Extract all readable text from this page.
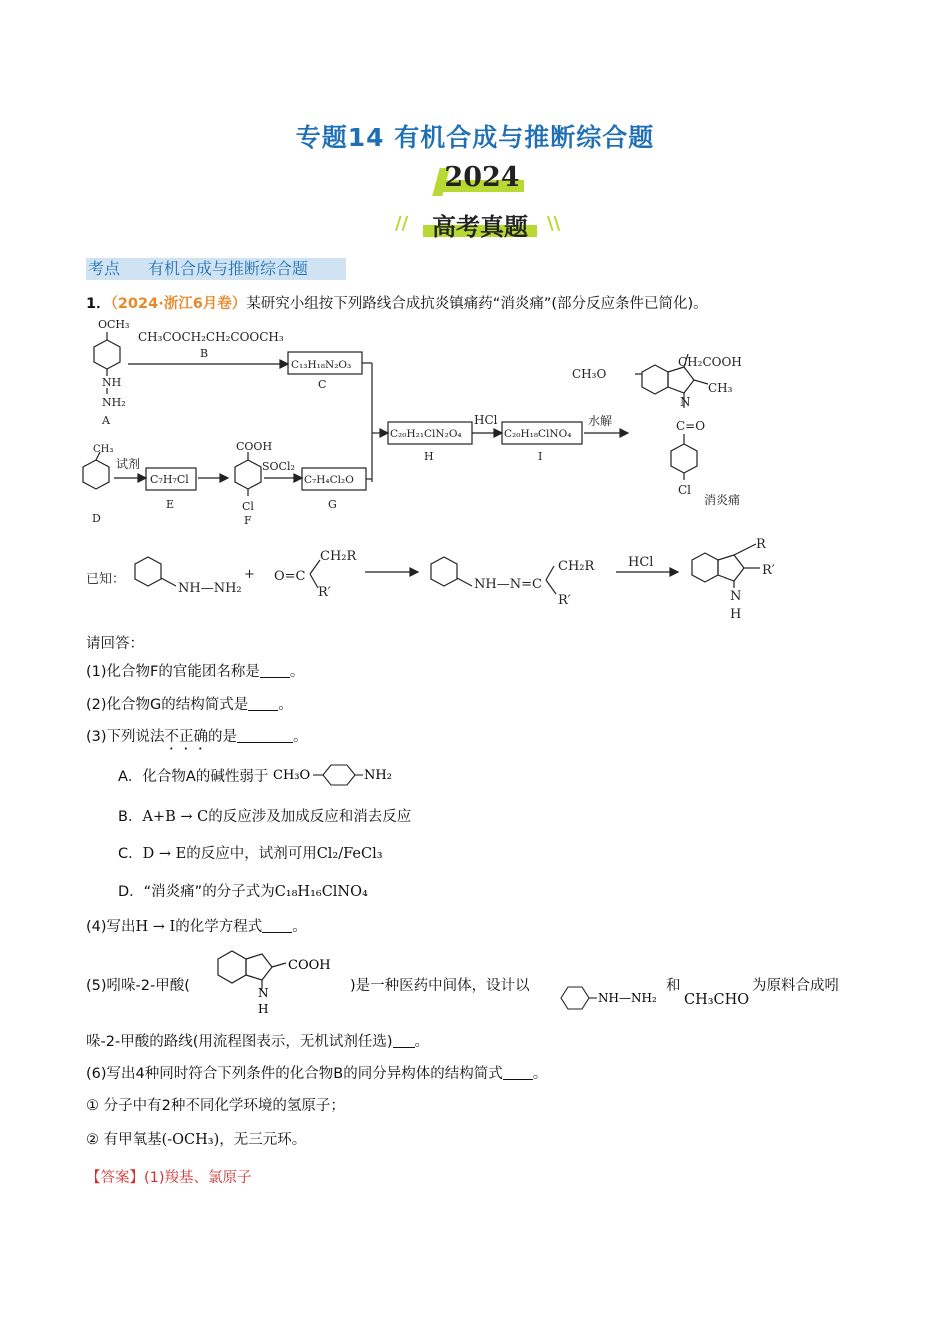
专题14 有机合成与推断综合题
2024
// 高考真题	\\
考点 有机合成与推断综合题
1．（2024·浙江6月卷）某研究小组按下列路线合成抗炎镇痛药“消炎痛”(部分反应条件已简化)。
OCH₃
NH
NH₂
A
CH₃COCH₂CH₂COOCH₃
B
C₁₃H₁₈N₂O₃
C
CH₃
D
试剂
C₇H₇Cl
E
COOH
Cl
F
SOCl₂
C₇H₄Cl₂O
G
C₂₀H₂₁ClN₂O₄
H
HCl
C₂₀H₁₈ClNO₄
I
水解
CH₂COOH
CH₃O
CH₃
N
C=O
Cl
消炎痛
已知：
NH—NH₂
+
CH₂R
O=C
R′
NH—N=C
CH₂R
R′
HCl
R
R′
N
H
请回答：
(1)化合物F的官能团名称是 。
(2)化合物G的结构简式是 。
(3)下列说法不正确的是	。
A．化合物A的碱性弱于 CH₃O	NH₂
B．A+B → C的反应涉及加成反应和消去反应
C．D → E的反应中，试剂可用Cl₂/FeCl₃
D．“消炎痛”的分子式为C₁₈H₁₆ClNO₄
(4)写出H → I的化学方程式 。
(5)吲哚-2-甲酸(
COOH
N
H
)是一种医药中间体，设计以
NH—NH₂
和
CH₃CHO
为原料合成吲
哚-2-甲酸的路线(用流程图表示，无机试剂任选) 。
(6)写出4种同时符合下列条件的化合物B的同分异构体的结构简式 。
① 分子中有2种不同化学环境的氢原子；
② 有甲氧基(-OCH₃)，无三元环。
【答案】(1)羧基、氯原子
